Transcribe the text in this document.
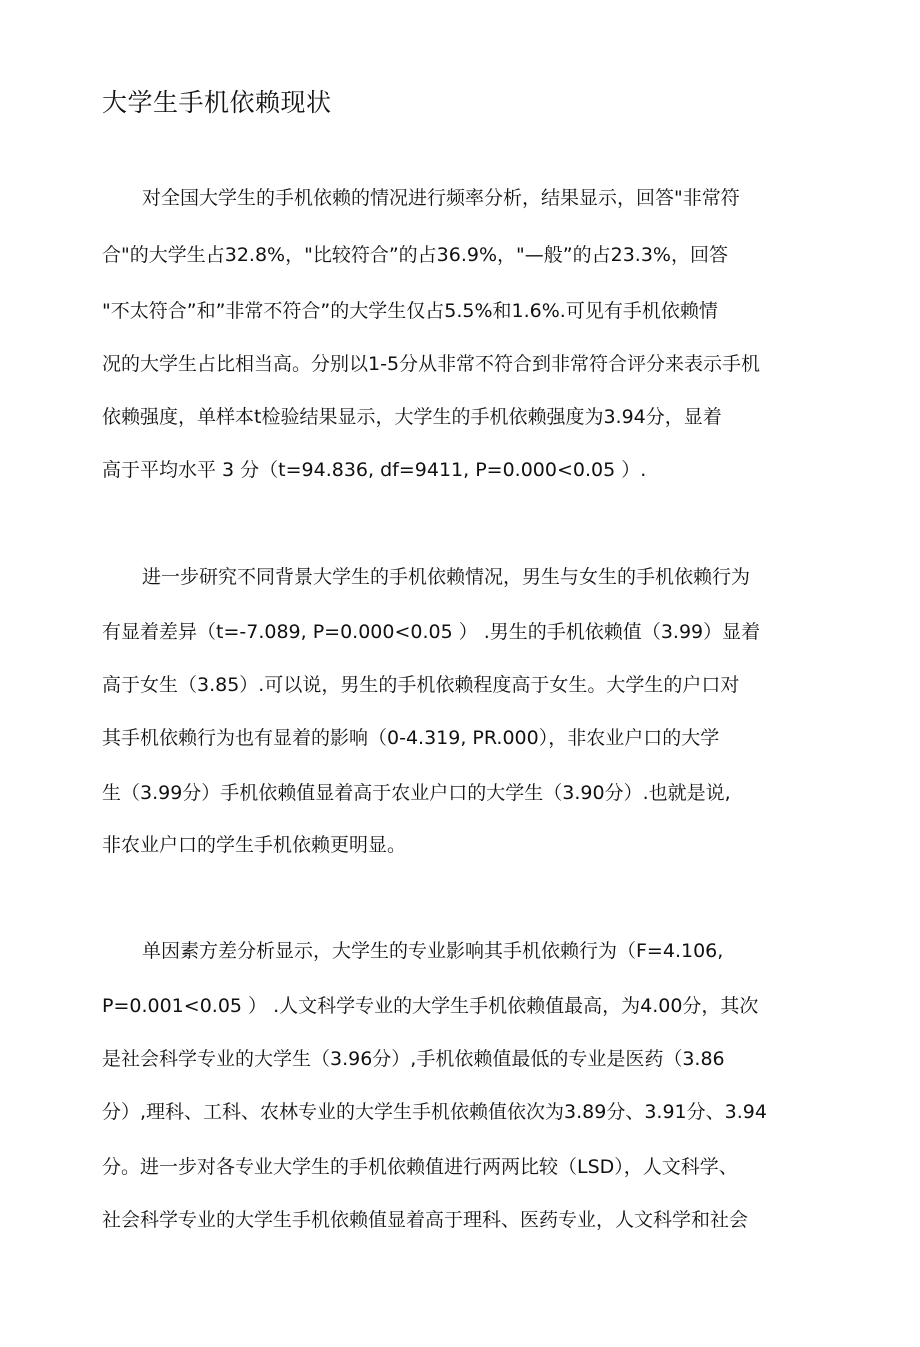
大学生手机依赖现状
对全国大学生的手机依赖的情况进行频率分析，结果显示，回答"非常符
合"的大学生占32.8%，"比较符合”的占36.9%，"—般”的占23.3%，回答
"不太符合”和”非常不符合”的大学生仅占5.5%和1.6%.可见有手机依赖情
况的大学生占比相当高。分别以1-5分从非常不符合到非常符合评分来表示手机
依赖强度，单样本t检验结果显示，大学生的手机依赖强度为3.94分，显着
高于平均水平 3 分（t=94.836, df=9411, P=0.000<0.05 ）.
进一步研究不同背景大学生的手机依赖情况，男生与女生的手机依赖行为
有显着差异（t=-7.089, P=0.000<0.05 ） .男生的手机依赖值（3.99）显着
高于女生（3.85）.可以说，男生的手机依赖程度高于女生。大学生的户口对
其手机依赖行为也有显着的影响（0-4.319, PR.000），非农业户口的大学
生（3.99分）手机依赖值显着高于农业户口的大学生（3.90分）.也就是说,
非农业户口的学生手机依赖更明显。
单因素方差分析显示，大学生的专业影响其手机依赖行为（F=4.106,
P=0.001<0.05 ） .人文科学专业的大学生手机依赖值最高，为4.00分，其次
是社会科学专业的大学生（3.96分）,手机依赖值最低的专业是医药（3.86
分）,理科、工科、农林专业的大学生手机依赖值依次为3.89分、3.91分、3.94
分。进一步对各专业大学生的手机依赖值进行两两比较（LSD），人文科学、
社会科学专业的大学生手机依赖值显着高于理科、医药专业，人文科学和社会
